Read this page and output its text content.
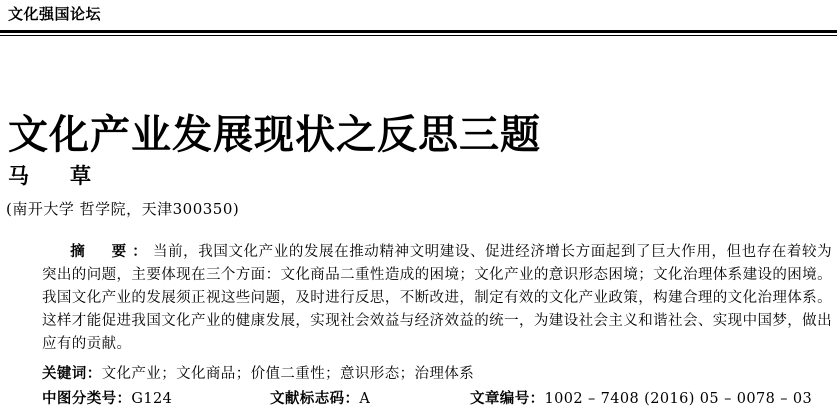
文化强国论坛
文化产业发展现状之反思三题
马　草
(南开大学 哲学院，天津300350)
摘　要：当前，我国文化产业的发展在推动精神文明建设、促进经济增长方面起到了巨大作用，但也存在着较为突出的问题，主要体现在三个方面：文化商品二重性造成的困境；文化产业的意识形态困境；文化治理体系建设的困境。我国文化产业的发展须正视这些问题，及时进行反思，不断改进，制定有效的文化产业政策，构建合理的文化治理体系。这样才能促进我国文化产业的健康发展，实现社会效益与经济效益的统一，为建设社会主义和谐社会、实现中国梦，做出应有的贡献。
关键词：文化产业；文化商品；价值二重性；意识形态；治理体系
中图分类号：G124	文献标志码：A	文章编号：1002 – 7408 (2016) 05 – 0078 – 03
